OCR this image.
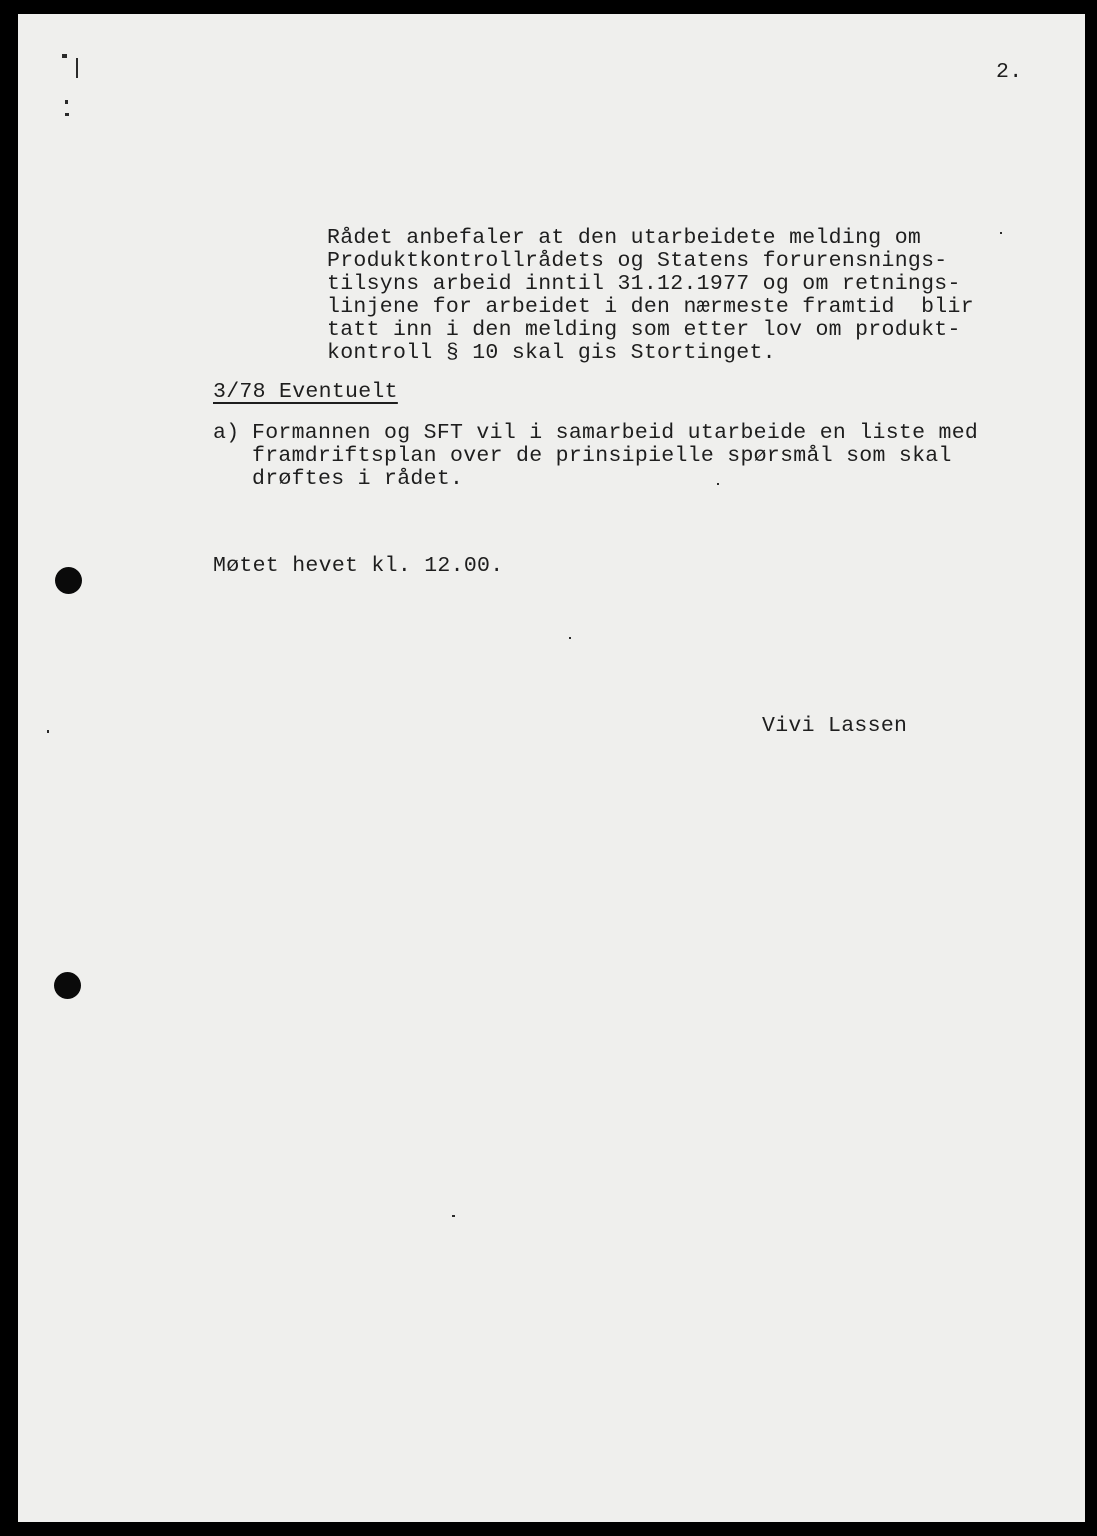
2.
Rådet anbefaler at den utarbeidete melding om
Produktkontrollrådets og Statens forurensnings-
tilsyns arbeid inntil 31.12.1977 og om retnings-
linjene for arbeidet i den nærmeste framtid  blir
tatt inn i den melding som etter lov om produkt-
kontroll § 10 skal gis Stortinget.
3/78 Eventuelt
a) Formannen og SFT vil i samarbeid utarbeide en liste med
framdriftsplan over de prinsipielle spørsmål som skal
drøftes i rådet.
Møtet hevet kl. 12.00.
Vivi Lassen
